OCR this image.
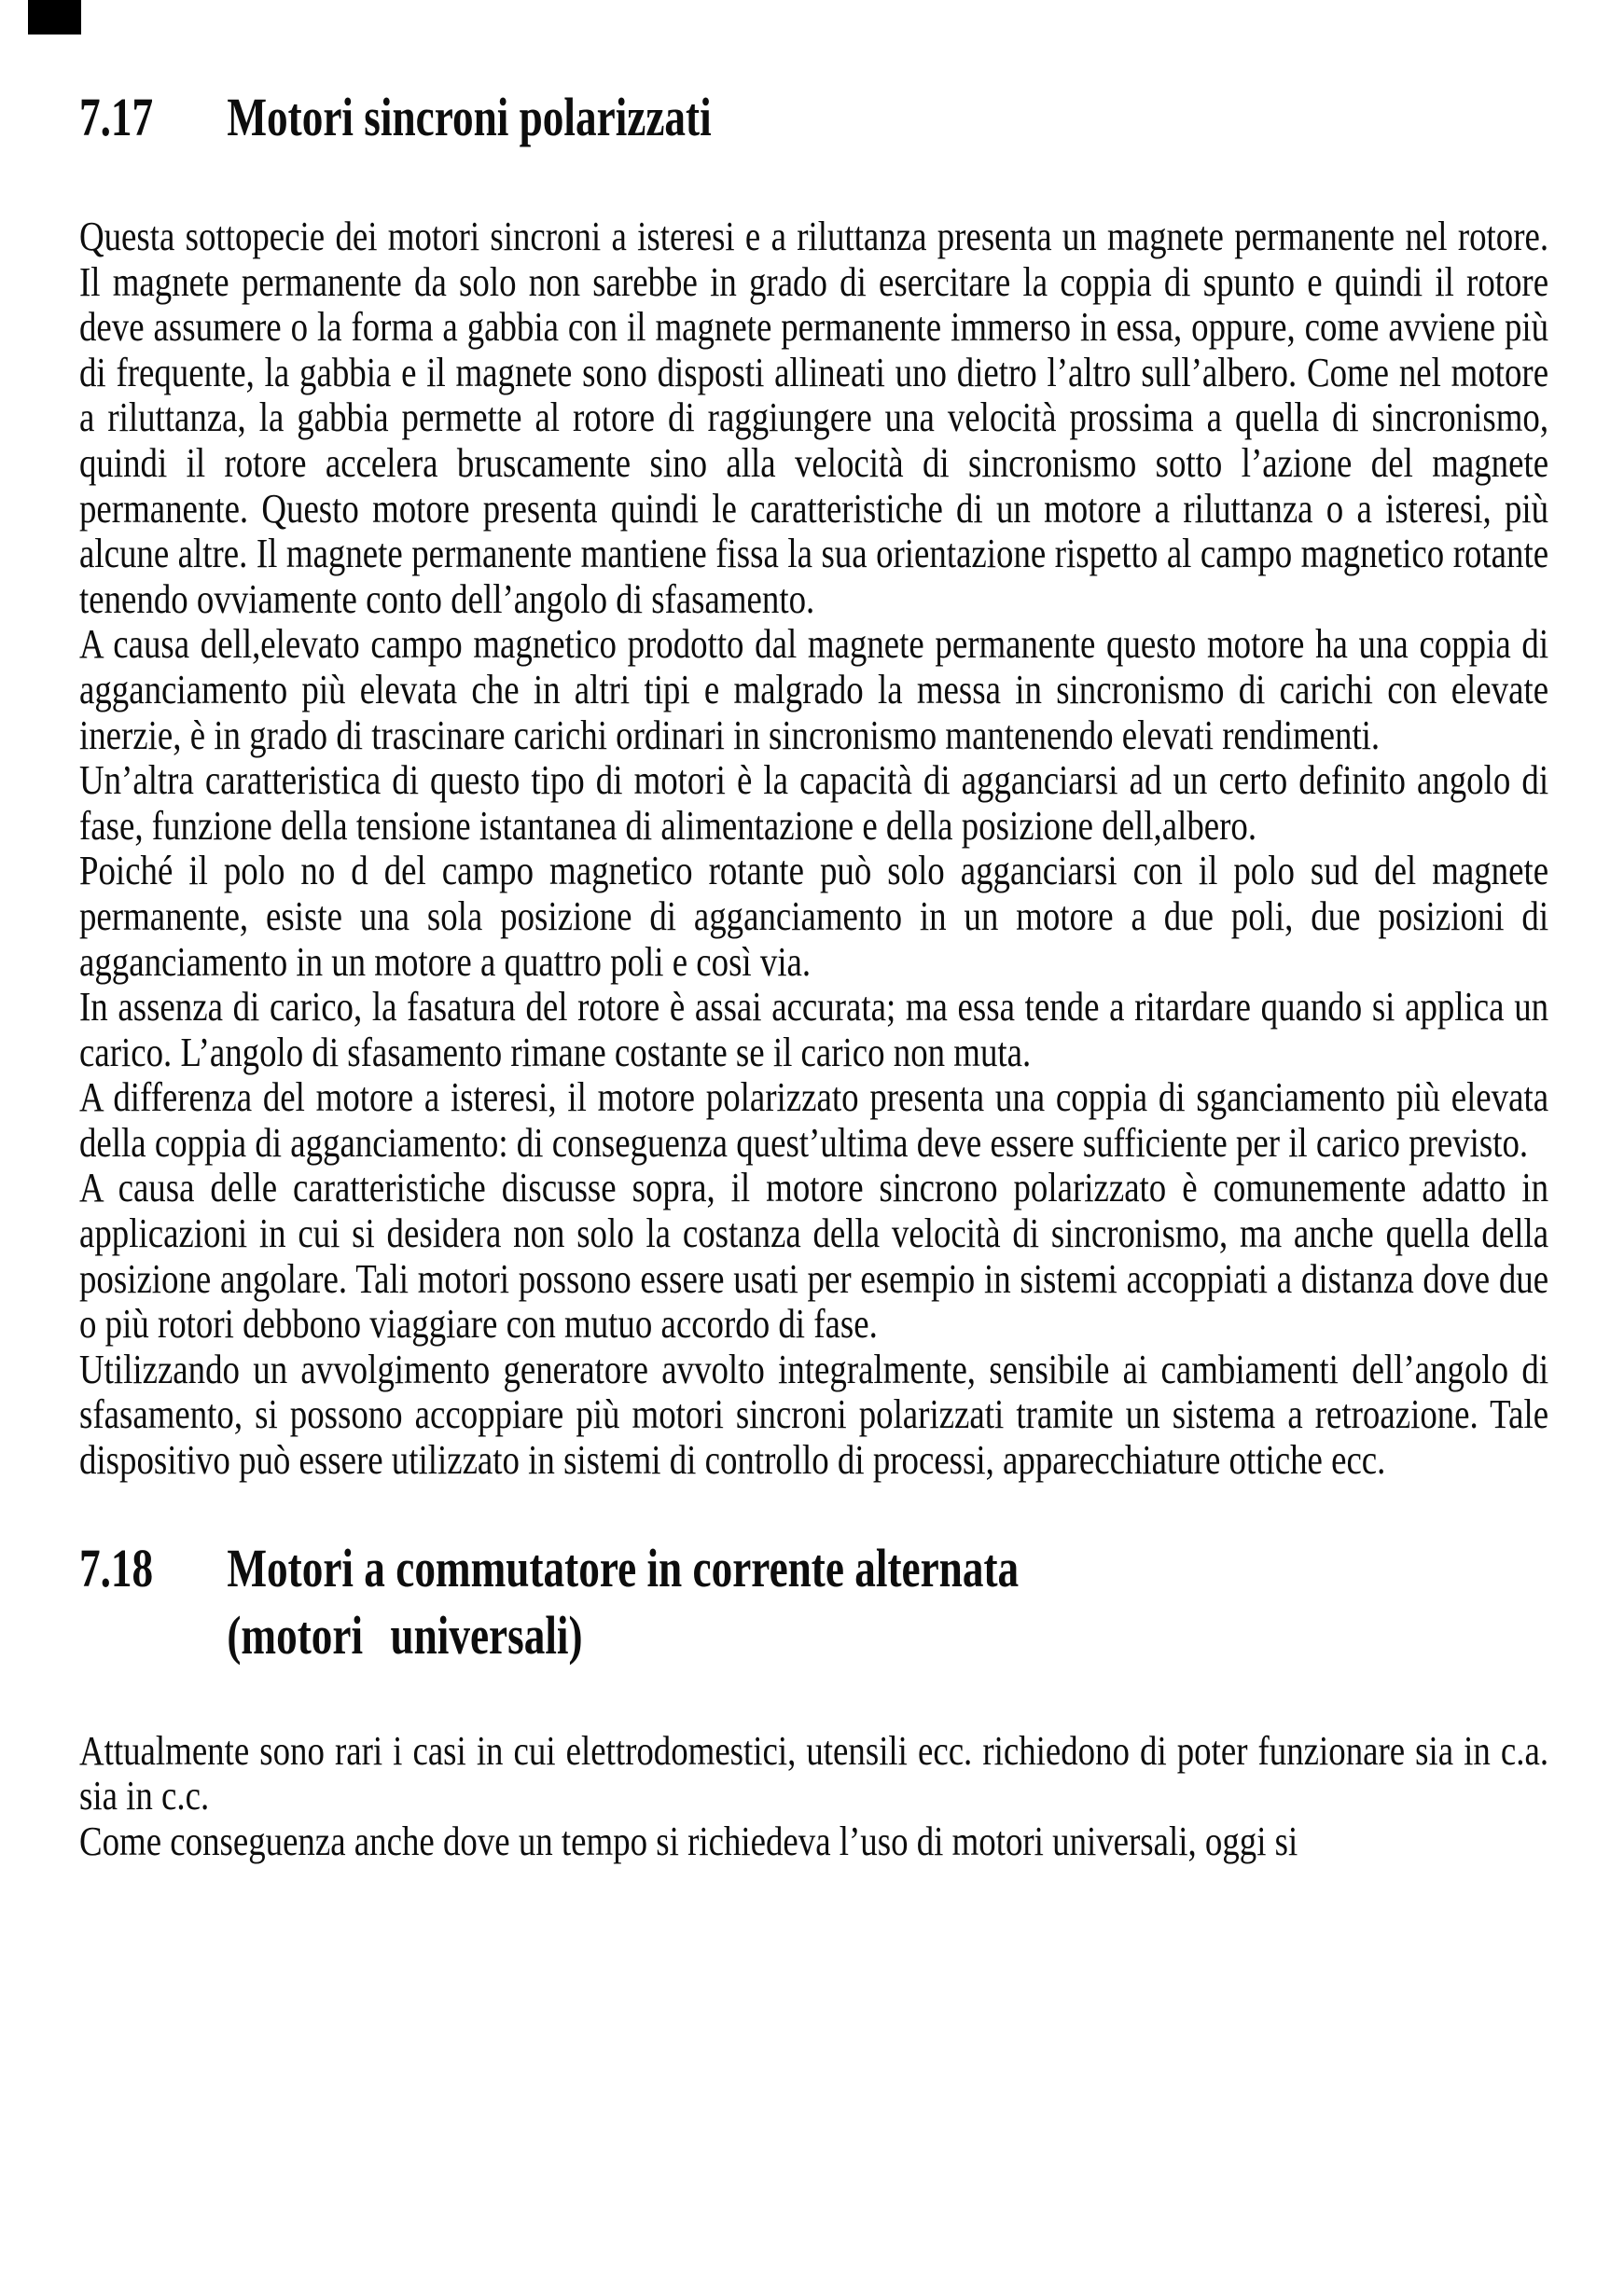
7.17	Motori sincroni polarizzati

Questa sottopecie dei motori sincroni a isteresi e a riluttanza presenta un magnete permanente nel rotore. Il magnete permanente da solo non sarebbe in grado di esercitare la coppia di spunto e quindi il rotore deve assumere o la forma a gabbia con il magnete permanente immerso in essa, oppure, come avviene più di frequente, la gabbia e il magnete sono disposti allineati uno dietro l’altro sull’albero. Come nel motore a riluttanza, la gabbia permette al rotore di raggiungere una velocità prossima a quella di sincronismo, quindi il rotore accelera bruscamente sino alla velocità di sincronismo sotto l’azione del magnete permanente. Questo motore presenta quindi le caratteristiche di un motore a riluttanza o a isteresi, più alcune altre. Il magnete permanente mantiene fissa la sua orientazione rispetto al campo magnetico rotante tenendo ovviamente conto dell’angolo di sfasamento.

A causa dell,elevato campo magnetico prodotto dal magnete permanente questo motore ha una coppia di agganciamento più elevata che in altri tipi e malgrado la messa in sincronismo di carichi con elevate inerzie, è in grado di trascinare carichi ordinari in sincronismo mantenendo elevati rendimenti.

Un’altra caratteristica di questo tipo di motori è la capacità di agganciarsi ad un certo definito angolo di fase, funzione della tensione istantanea di alimentazione e della posizione dell,albero.

Poiché il polo no d del campo magnetico rotante può solo agganciarsi con il polo sud del magnete permanente, esiste una sola posizione di agganciamento in un motore a due poli, due posizioni di agganciamento in un motore a quattro poli e così via.

In assenza di carico, la fasatura del rotore è assai accurata; ma essa tende a ritardare quando si applica un carico. L’angolo di sfasamento rimane costante se il carico non muta.

A differenza del motore a isteresi, il motore polarizzato presenta una coppia di sganciamento più elevata della coppia di agganciamento: di conseguenza quest’ultima deve essere sufficiente per il carico previsto.

A causa delle caratteristiche discusse sopra, il motore sincrono polarizzato è comunemente adatto in applicazioni in cui si desidera non solo la costanza della velocità di sincronismo, ma anche quella della posizione angolare. Tali motori possono essere usati per esempio in sistemi accoppiati a distanza dove due o più rotori debbono viaggiare con mutuo accordo di fase.

Utilizzando un avvolgimento generatore avvolto integralmente, sensibile ai cambiamenti dell’angolo di sfasamento, si possono accoppiare più motori sincroni polarizzati tramite un sistema a retroazione. Tale dispositivo può essere utilizzato in sistemi di controllo di processi, apparecchiature ottiche ecc.

7.18	Motori a commutatore in corrente alternata
(motori universali)

Attualmente sono rari i casi in cui elettrodomestici, utensili ecc. richiedono di poter funzionare sia in c.a. sia in c.c.

Come conseguenza anche dove un tempo si richiedeva l’uso di motori universali, oggi si
